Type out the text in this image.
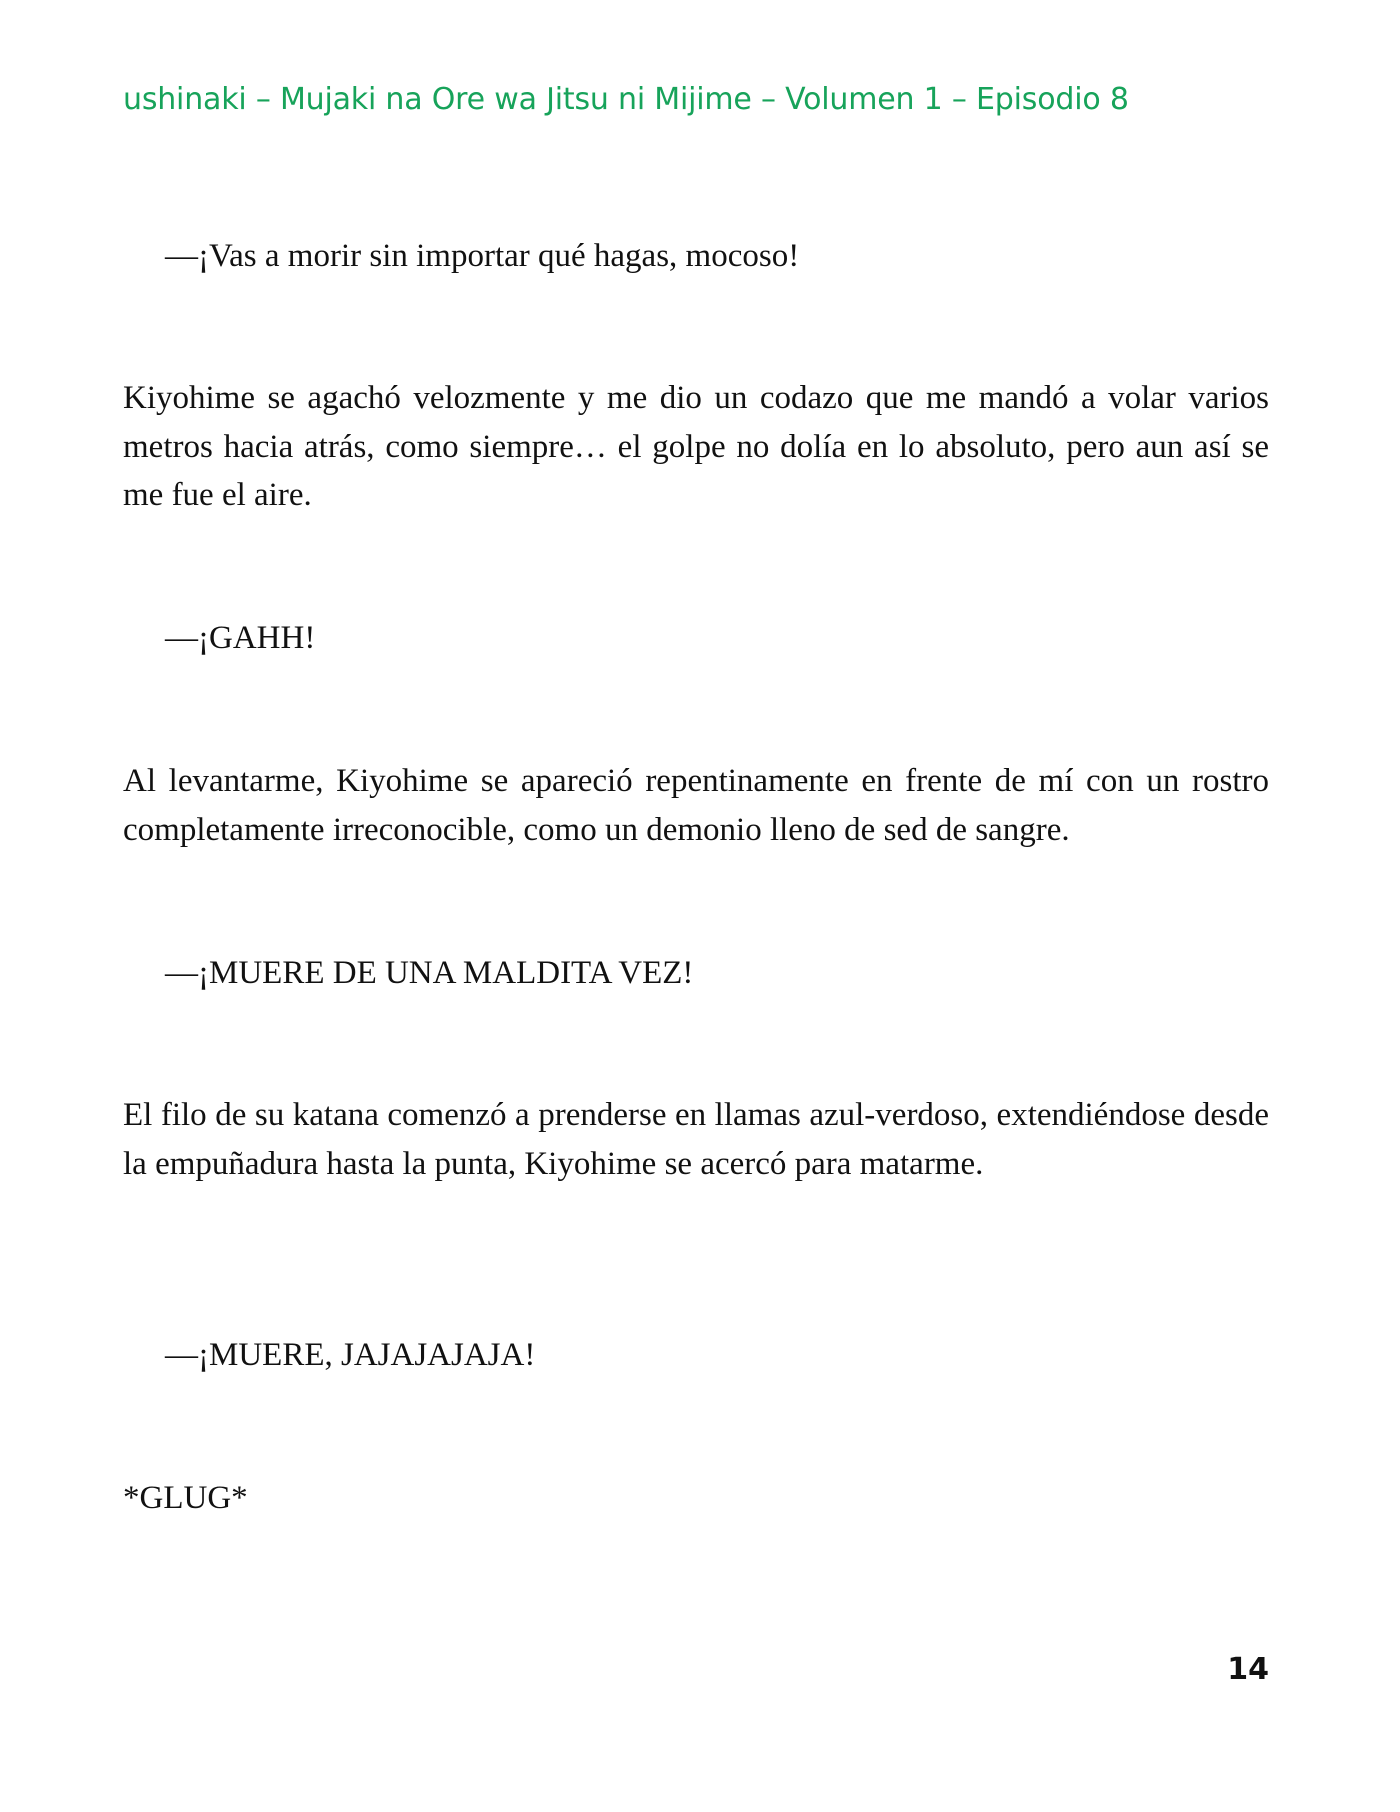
ushinaki – Mujaki na Ore wa Jitsu ni Mijime – Volumen 1 – Episodio 8

—¡Vas a morir sin importar qué hagas, mocoso!

Kiyohime se agachó velozmente y me dio un codazo que me mandó a volar varios metros hacia atrás, como siempre… el golpe no dolía en lo absoluto, pero aun así se me fue el aire.

—¡GAHH!

Al levantarme, Kiyohime se apareció repentinamente en frente de mí con un rostro completamente irreconocible, como un demonio lleno de sed de sangre.

—¡MUERE DE UNA MALDITA VEZ!

El filo de su katana comenzó a prenderse en llamas azul-verdoso, extendiéndose desde la empuñadura hasta la punta, Kiyohime se acercó para matarme.

—¡MUERE, JAJAJAJAJA!

*GLUG*

14
